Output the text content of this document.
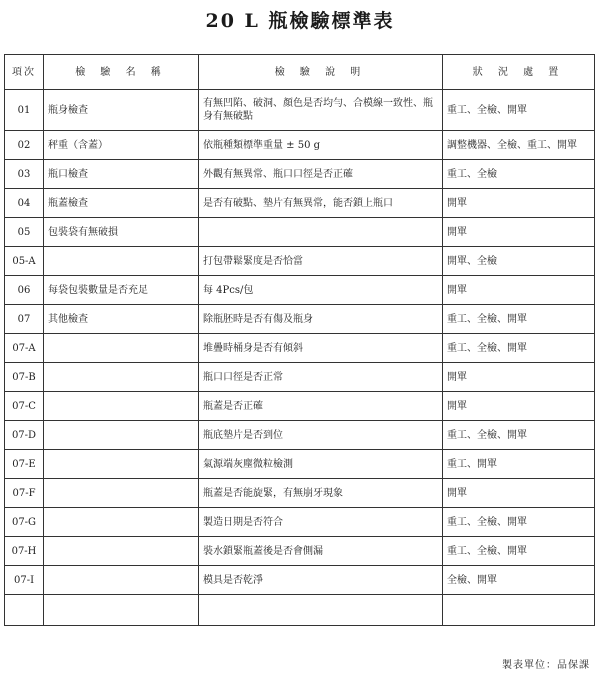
20 L 瓶檢驗標準表
項次	檢 驗 名 稱	檢 驗 說 明	狀 況 處 置
01	瓶身檢查	有無凹陷、破洞、顏色是否均勻、合模線一致性、瓶身有無破點	重工、全檢、開單
02	秤重（含蓋）	依瓶種類標準重量 ± 50 g	調整機器、全檢、重工、開單
03	瓶口檢查	外觀有無異常、瓶口口徑是否正確	重工、全檢
04	瓶蓋檢查	是否有破點、墊片有無異常，能否鎖上瓶口	開單
05	包裝袋有無破損		開單
05-A		打包帶鬆緊度是否恰當	開單、全檢
06	每袋包裝數量是否充足	每 4Pcs/包	開單
07	其他檢查	除瓶胚時是否有傷及瓶身	重工、全檢、開單
07-A		堆疊時桶身是否有傾斜	重工、全檢、開單
07-B		瓶口口徑是否正常	開單
07-C		瓶蓋是否正確	開單
07-D		瓶底墊片是否到位	重工、全檢、開單
07-E		氣源端灰塵微粒檢測	重工、開單
07-F		瓶蓋是否能旋緊，有無崩牙現象	開單
07-G		製造日期是否符合	重工、全檢、開單
07-H		裝水鎖緊瓶蓋後是否會側漏	重工、全檢、開單
07-I		模具是否乾淨	全檢、開單

製表單位：品保課
